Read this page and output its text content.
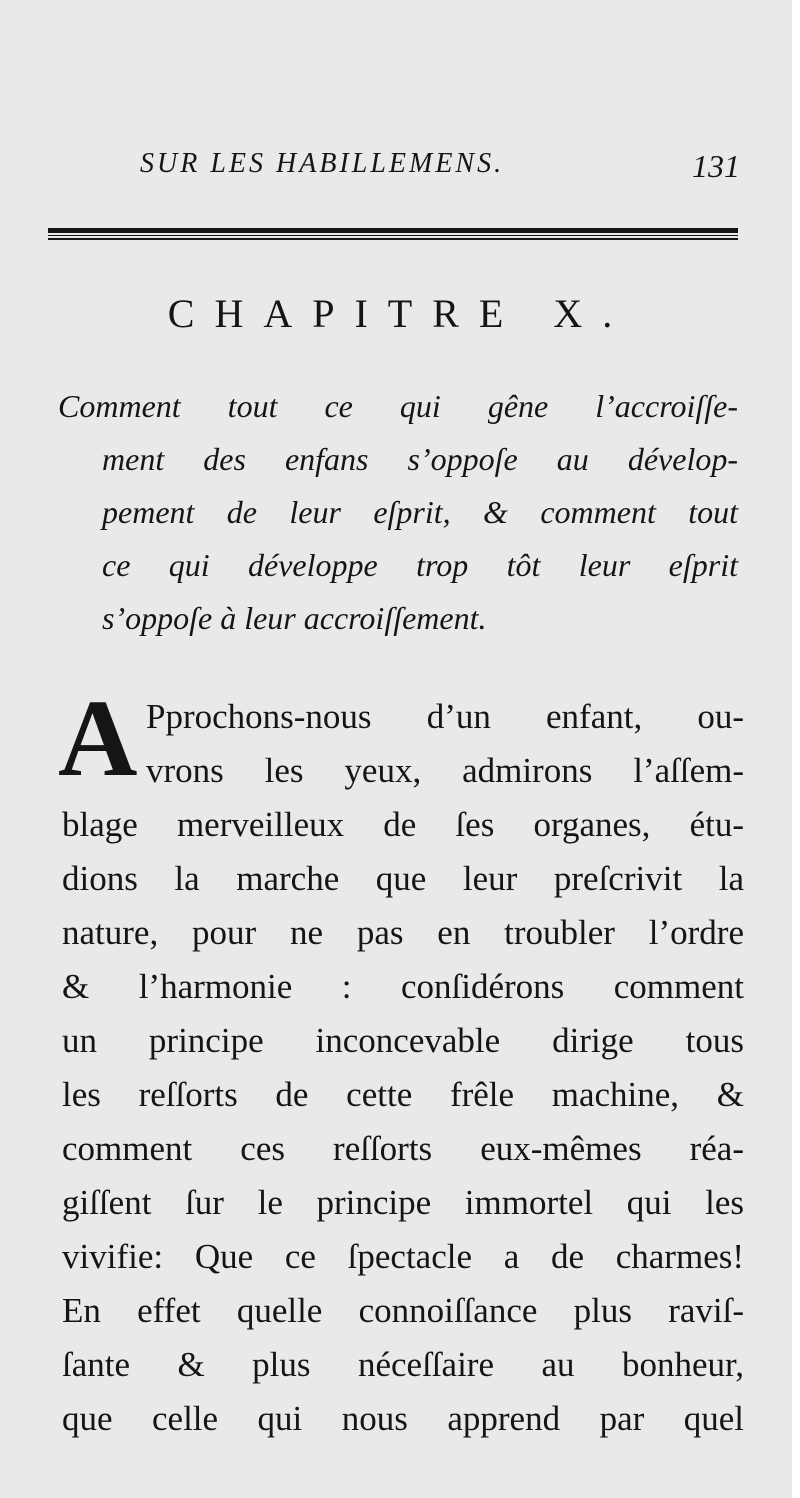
SUR LES HABILLEMENS.	131
CHAPITRE X.
Comment tout ce qui gêne l’accroiſſe-
ment des enfans s’oppoſe au dévelop-
pement de leur eſprit, & comment tout
ce qui développe trop tôt leur eſprit
s’oppoſe à leur accroiſſement.
A Pprochons-nous d’un enfant, ou-
vrons les yeux, admirons l’aſſem-
blage merveilleux de ſes organes, étu-
dions la marche que leur preſcrivit la
nature, pour ne pas en troubler l’ordre
& l’harmonie : conſidérons comment
un principe inconcevable dirige tous
les reſſorts de cette frêle machine, &
comment ces reſſorts eux-mêmes réa-
giſſent ſur le principe immortel qui les
vivifie: Que ce ſpectacle a de charmes!
En effet quelle connoiſſance plus raviſ-
ſante & plus néceſſaire au bonheur,
que celle qui nous apprend par quel
